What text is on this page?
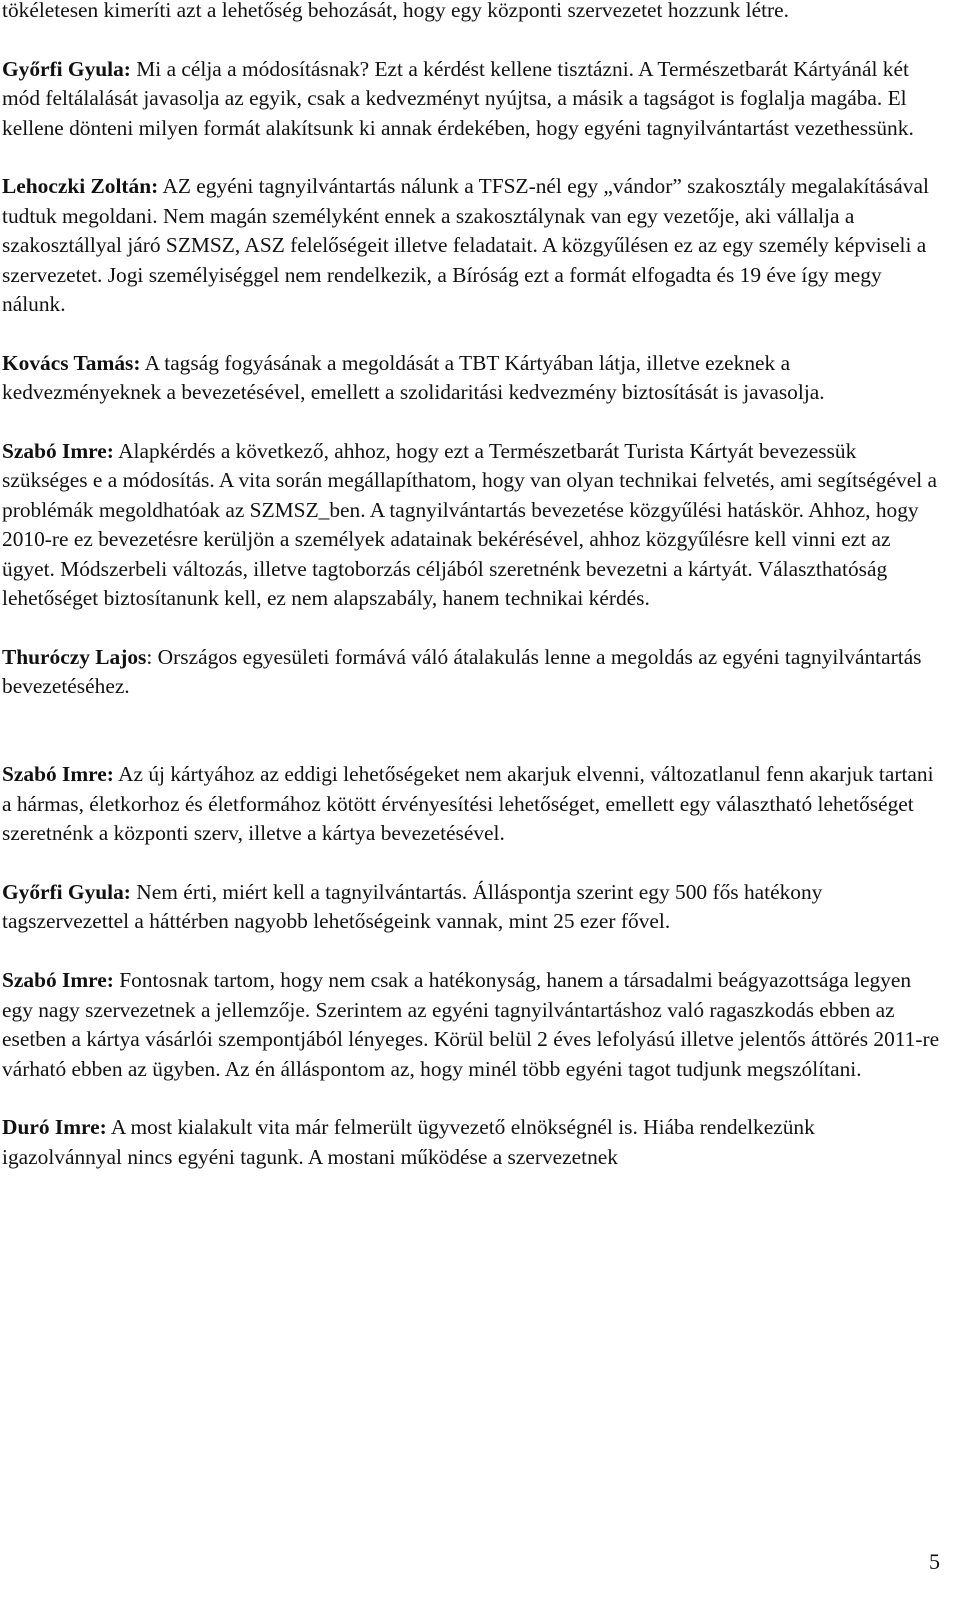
tökéletesen kimeríti azt a lehetőség behozását, hogy egy központi szervezetet hozzunk létre.

Győrfi Gyula: Mi a célja a módosításnak? Ezt a kérdést kellene tisztázni. A Természetbarát Kártyánál két mód feltálalását javasolja az egyik, csak a kedvezményt nyújtsa, a másik a tagságot is foglalja magába. El kellene dönteni milyen formát alakítsunk ki annak érdekében, hogy egyéni tagnyilvántartást vezethessünk.

Lehoczki Zoltán: AZ egyéni tagnyilvántartás nálunk a TFSZ-nél egy „vándor” szakosztály megalakításával tudtuk megoldani. Nem magán személyként ennek a szakosztálynak van egy vezetője, aki vállalja a szakosztállyal járó SZMSZ, ASZ felelőségeit illetve feladatait. A közgyűlésen ez az egy személy képviseli a szervezetet. Jogi személyiséggel nem rendelkezik, a Bíróság ezt a formát elfogadta és 19 éve így megy nálunk.

Kovács Tamás: A tagság fogyásának a megoldását a TBT Kártyában látja, illetve ezeknek a kedvezményeknek a bevezetésével, emellett a szolidaritási kedvezmény biztosítását is javasolja.

Szabó Imre: Alapkérdés a következő, ahhoz, hogy ezt a Természetbarát Turista Kártyát bevezessük szükséges e a módosítás. A vita során megállapíthatom, hogy van olyan technikai felvetés, ami segítségével a problémák megoldhatóak az SZMSZ_ben. A tagnyilvántartás bevezetése közgyűlési hatáskör. Ahhoz, hogy 2010-re ez bevezetésre kerüljön a személyek adatainak bekérésével, ahhoz közgyűlésre kell vinni ezt az ügyet. Módszerbeli változás, illetve tagtoborzás céljából szeretnénk bevezetni a kártyát. Választhatóság lehetőséget biztosítanunk kell, ez nem alapszabály, hanem technikai kérdés.

Thuróczy Lajos: Országos egyesületi formává váló átalakulás lenne a megoldás az egyéni tagnyilvántartás bevezetéséhez.

Szabó Imre: Az új kártyához az eddigi lehetőségeket nem akarjuk elvenni, változatlanul fenn akarjuk tartani a hármas, életkorhoz és életformához kötött érvényesítési lehetőséget, emellett egy választható lehetőséget szeretnénk a központi szerv, illetve a kártya bevezetésével.

Győrfi Gyula: Nem érti, miért kell a tagnyilvántartás. Álláspontja szerint egy 500 fős hatékony tagszervezettel a háttérben nagyobb lehetőségeink vannak, mint 25 ezer fővel.

Szabó Imre: Fontosnak tartom, hogy nem csak a hatékonyság, hanem a társadalmi beágyazottsága legyen egy nagy szervezetnek a jellemzője. Szerintem az egyéni tagnyilvántartáshoz való ragaszkodás ebben az esetben a kártya vásárlói szempontjából lényeges. Körül belül 2 éves lefolyású illetve jelentős áttörés 2011-re várható ebben az ügyben. Az én álláspontom az, hogy minél több egyéni tagot tudjunk megszólítani.

Duró Imre: A most kialakult vita már felmerült ügyvezető elnökségnél is. Hiába rendelkezünk igazolvánnyal nincs egyéni tagunk. A mostani működése a szervezetnek

5
